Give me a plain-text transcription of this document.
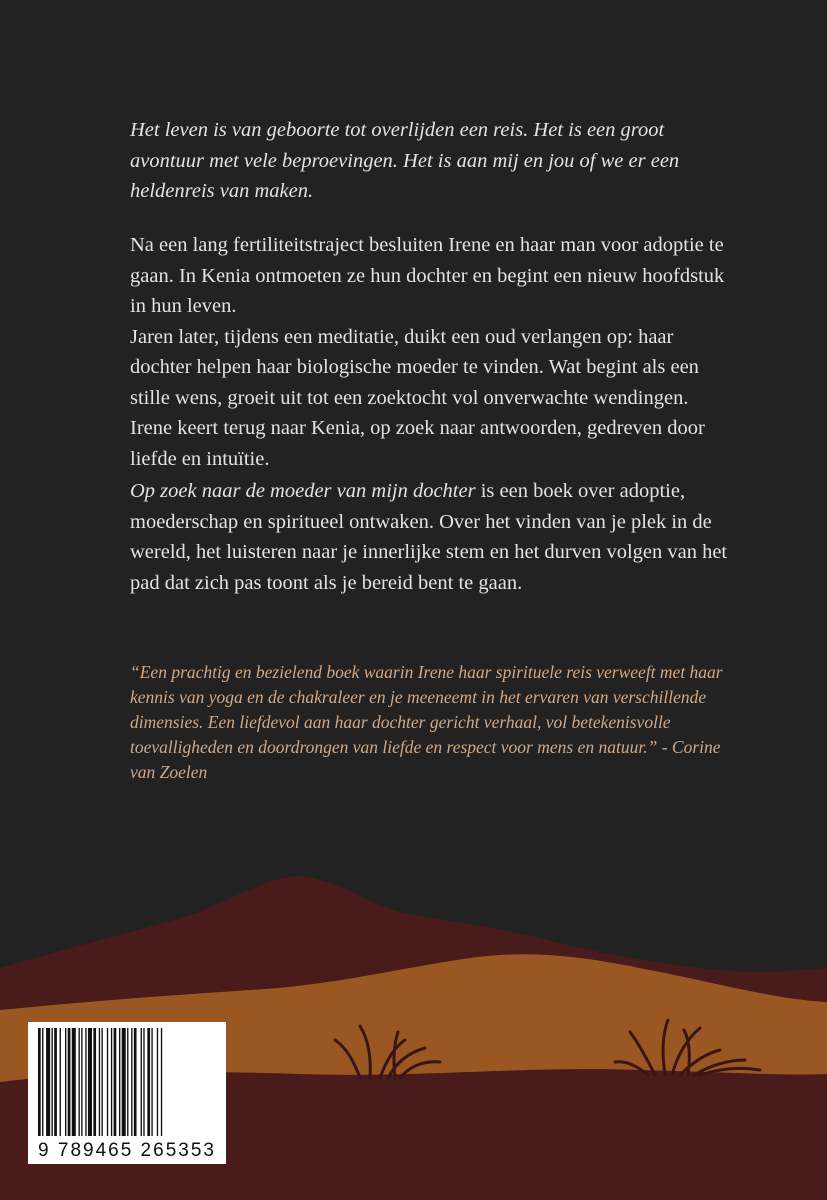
Het leven is van geboorte tot overlijden een reis. Het is een groot avontuur met vele beproevingen. Het is aan mij en jou of we er een heldenreis van maken.

Na een lang fertiliteitstraject besluiten Irene en haar man voor adoptie te gaan. In Kenia ontmoeten ze hun dochter en begint een nieuw hoofdstuk in hun leven.

Jaren later, tijdens een meditatie, duikt een oud verlangen op: haar dochter helpen haar biologische moeder te vinden. Wat begint als een stille wens, groeit uit tot een zoektocht vol onverwachte wendingen. Irene keert terug naar Kenia, op zoek naar antwoorden, gedreven door liefde en intuïtie.

Op zoek naar de moeder van mijn dochter is een boek over adoptie, moederschap en spiritueel ontwaken. Over het vinden van je plek in de wereld, het luisteren naar je innerlijke stem en het durven volgen van het pad dat zich pas toont als je bereid bent te gaan.

“Een prachtig en bezielend boek waarin Irene haar spirituele reis verweeft met haar kennis van yoga en de chakraleer en je meeneemt in het ervaren van verschillende dimensies. Een liefdevol aan haar dochter gericht verhaal, vol betekenisvolle toevalligheden en doordrongen van liefde en respect voor mens en natuur.” - Corine van Zoelen
9 789465 265353
